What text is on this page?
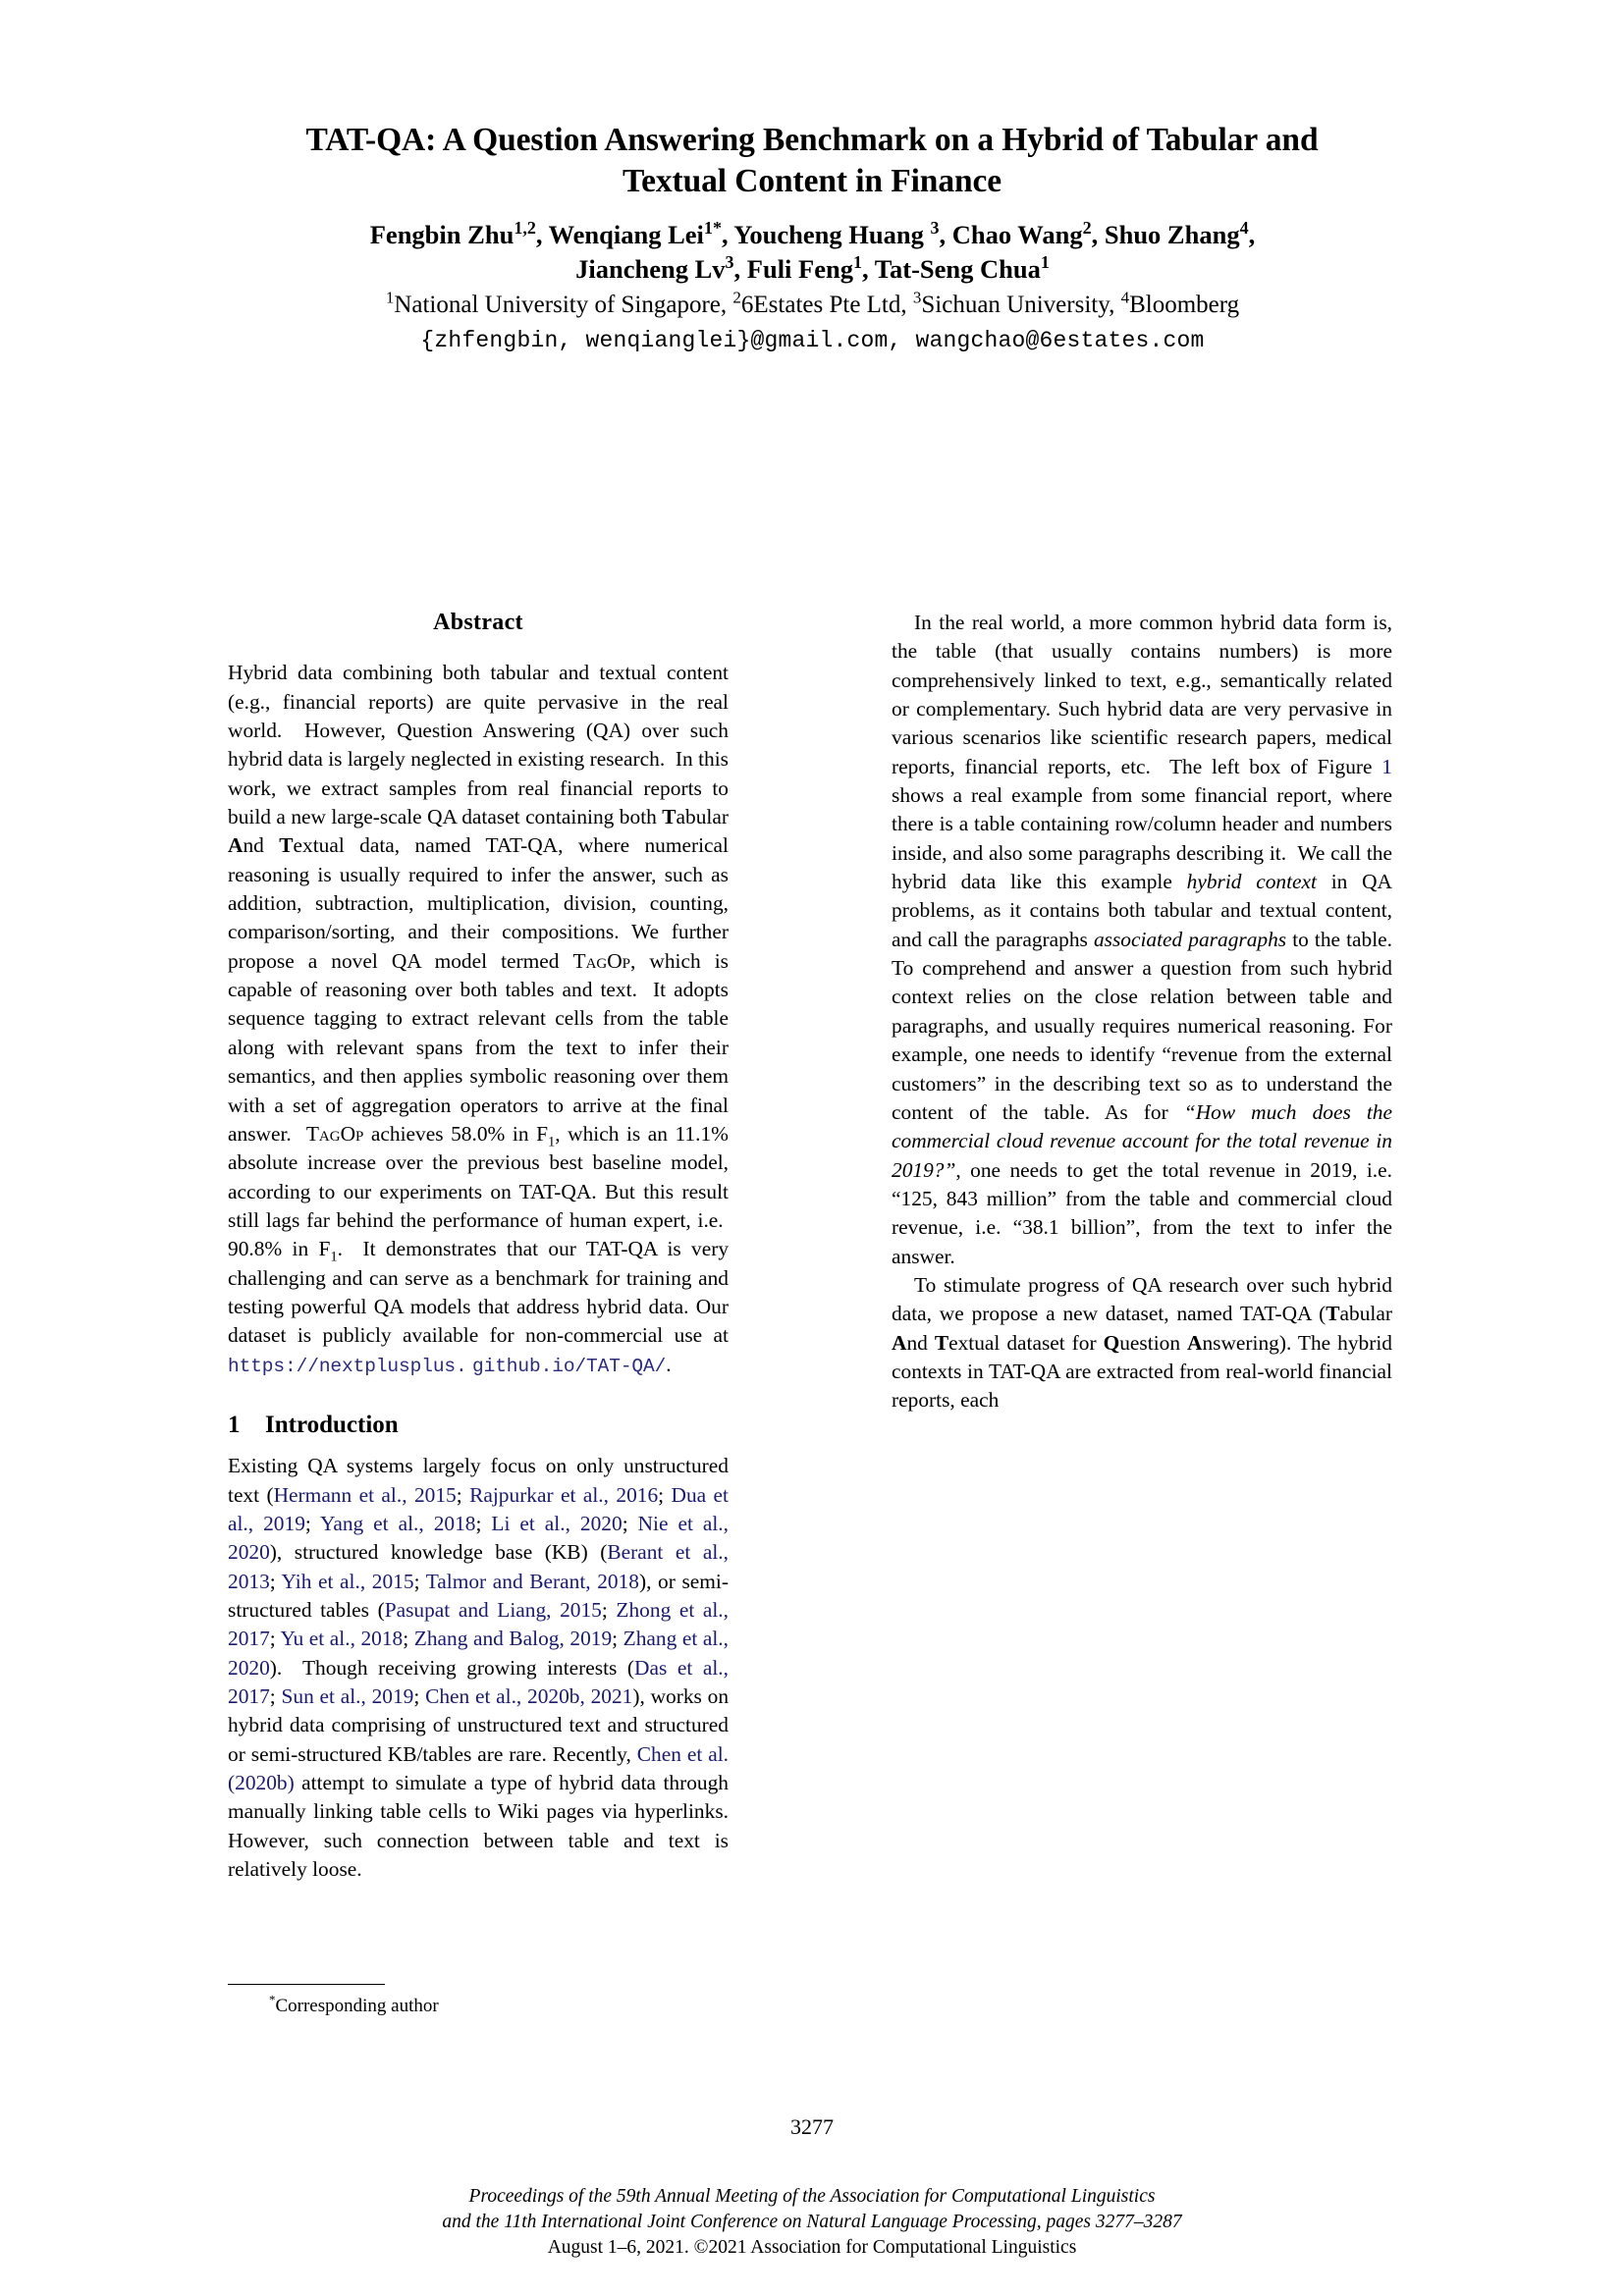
TAT-QA: A Question Answering Benchmark on a Hybrid of Tabular and
Textual Content in Finance
Fengbin Zhu$^{1,2}$, Wenqiang Lei$^{1*}$, Youcheng Huang $^3$, Chao Wang$^2$, Shuo Zhang$^4$,
Jiancheng Lv$^3$, Fuli Feng$^1$, Tat-Seng Chua$^1$
$^1$National University of Singapore, $^2$6Estates Pte Ltd, $^3$Sichuan University, $^4$Bloomberg
{zhfengbin, wenqianglei}@gmail.com, wangchao@6estates.com
Abstract

Hybrid data combining both tabular and textual content (e.g., financial reports) are quite pervasive in the real world.  However, Question Answering (QA) over such hybrid data is largely neglected in existing research.  In this work, we extract samples from real financial reports to build a new large-scale QA dataset containing both Tabular And Textual data, named TAT-QA, where numerical reasoning is usually required to infer the answer, such as addition, subtraction, multiplication, division, counting, comparison/sorting, and their compositions. We further propose a novel QA model termed TagOp, which is capable of reasoning over both tables and text.  It adopts sequence tagging to extract relevant cells from the table along with relevant spans from the text to infer their semantics, and then applies symbolic reasoning over them with a set of aggregation operators to arrive at the final answer.  TagOp achieves 58.0% in $F_1$, which is an 11.1% absolute increase over the previous best baseline model, according to our experiments on TAT-QA. But this result still lags far behind the performance of human expert, i.e.  90.8% in $F_1$.  It demonstrates that our TAT-QA is very challenging and can serve as a benchmark for training and testing powerful QA models that address hybrid data. Our dataset is publicly available for non-commercial use at https://nextplusplus. github.io/TAT-QA/.

1	Introduction

Existing QA systems largely focus on only unstructured text (Hermann et al., 2015; Rajpurkar et al., 2016; Dua et al., 2019; Yang et al., 2018; Li et al., 2020; Nie et al., 2020), structured knowledge base (KB) (Berant et al., 2013; Yih et al., 2015; Talmor and Berant, 2018), or semi-structured tables (Pasupat and Liang, 2015; Zhong et al., 2017; Yu et al., 2018; Zhang and Balog, 2019; Zhang et al., 2020).  Though receiving growing interests (Das et al., 2017; Sun et al., 2019; Chen et al., 2020b, 2021), works on hybrid data comprising of unstructured text and structured or semi-structured KB/tables are rare. Recently, Chen et al. (2020b) attempt to simulate a type of hybrid data through manually linking table cells to Wiki pages via hyperlinks. However, such connection between table and text is relatively loose.

In the real world, a more common hybrid data form is, the table (that usually contains numbers) is more comprehensively linked to text, e.g., semantically related or complementary. Such hybrid data are very pervasive in various scenarios like scientific research papers, medical reports, financial reports, etc.  The left box of Figure 1 shows a real example from some financial report, where there is a table containing row/column header and numbers inside, and also some paragraphs describing it.  We call the hybrid data like this example hybrid context in QA problems, as it contains both tabular and textual content, and call the paragraphs associated paragraphs to the table. To comprehend and answer a question from such hybrid context relies on the close relation between table and paragraphs, and usually requires numerical reasoning. For example, one needs to identify “revenue from the external customers” in the describing text so as to understand the content of the table. As for “How much does the commercial cloud revenue account for the total revenue in 2019?”, one needs to get the total revenue in 2019, i.e. “125, 843 million” from the table and commercial cloud revenue, i.e. “38.1 billion”, from the text to infer the answer.

To stimulate progress of QA research over such hybrid data, we propose a new dataset, named TAT-QA (Tabular And Textual dataset for Question Answering). The hybrid contexts in TAT-QA are extracted from real-world financial reports, each

*Corresponding author
3277
Proceedings of the 59th Annual Meeting of the Association for Computational Linguistics
and the 11th International Joint Conference on Natural Language Processing, pages 3277–3287
August 1–6, 2021. ©2021 Association for Computational Linguistics
